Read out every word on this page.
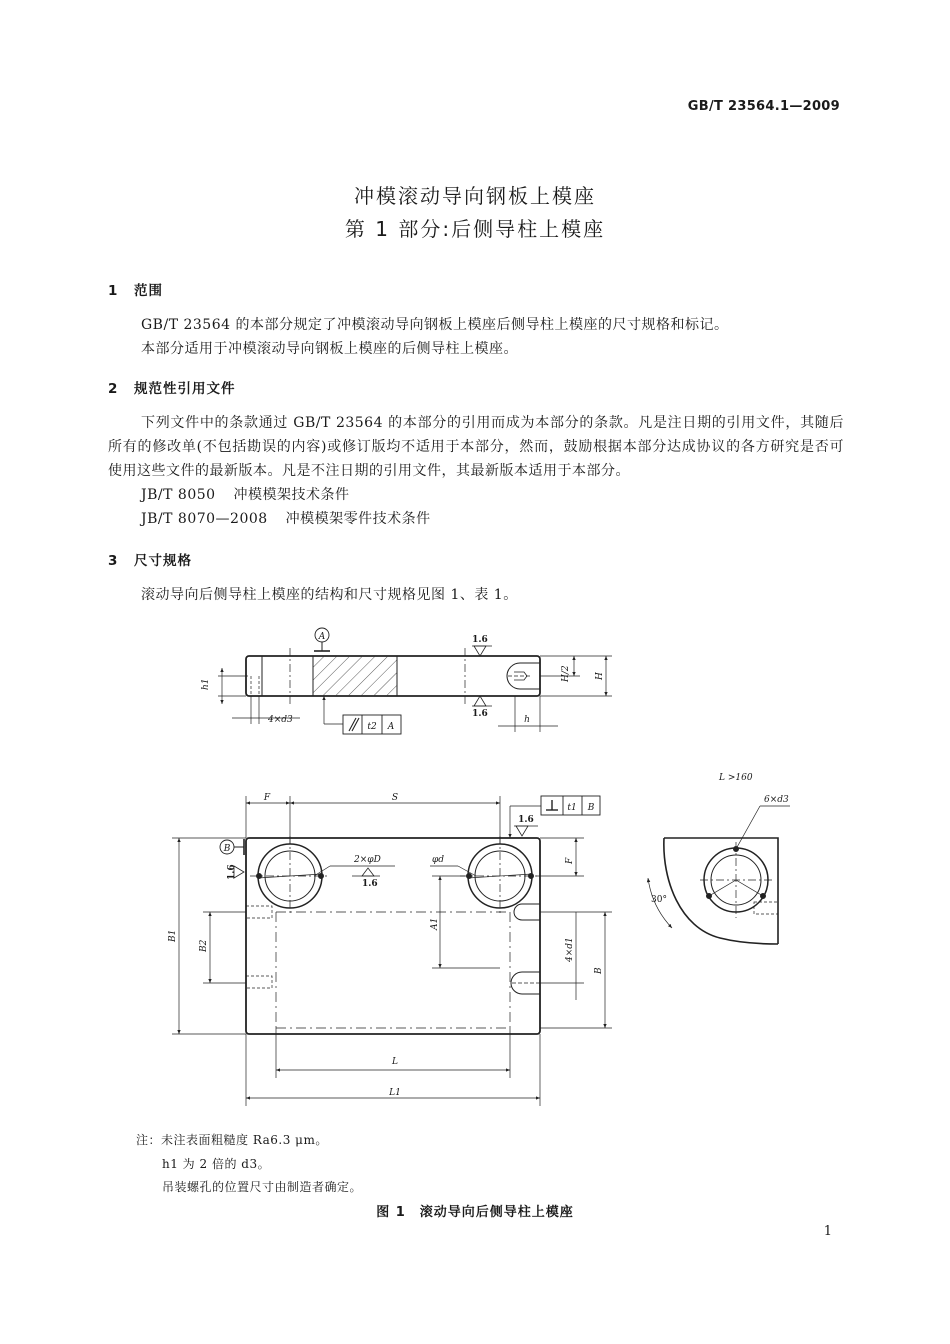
GB/T 23564.1—2009
冲模滚动导向钢板上模座
第 1 部分:后侧导柱上模座
1 范围
GB/T 23564 的本部分规定了冲模滚动导向钢板上模座后侧导柱上模座的尺寸规格和标记。
本部分适用于冲模滚动导向钢板上模座的后侧导柱上模座。
2 规范性引用文件
下列文件中的条款通过 GB/T 23564 的本部分的引用而成为本部分的条款。凡是注日期的引用文件，其随后所有的修改单(不包括勘误的内容)或修订版均不适用于本部分，然而，鼓励根据本部分达成协议的各方研究是否可使用这些文件的最新版本。凡是不注日期的引用文件，其最新版本适用于本部分。
JB/T 8050 冲模模架技术条件
JB/T 8070—2008 冲模模架零件技术条件
3 尺寸规格
滚动导向后侧导柱上模座的结构和尺寸规格见图 1、表 1。
A	1.6
1.6
h1
4×d3
t2 A
H/2	H
h
F	S
t1 B
1.6
B
1.6
2×φD
1.6
φd
A1
B1
B2
F
B
4×d1
L
L1
L >160
6×d3
30°
注：未注表面粗糙度 Ra6.3 μm。
h1 为 2 倍的 d3。
吊装螺孔的位置尺寸由制造者确定。
图 1　滚动导向后侧导柱上模座
1
